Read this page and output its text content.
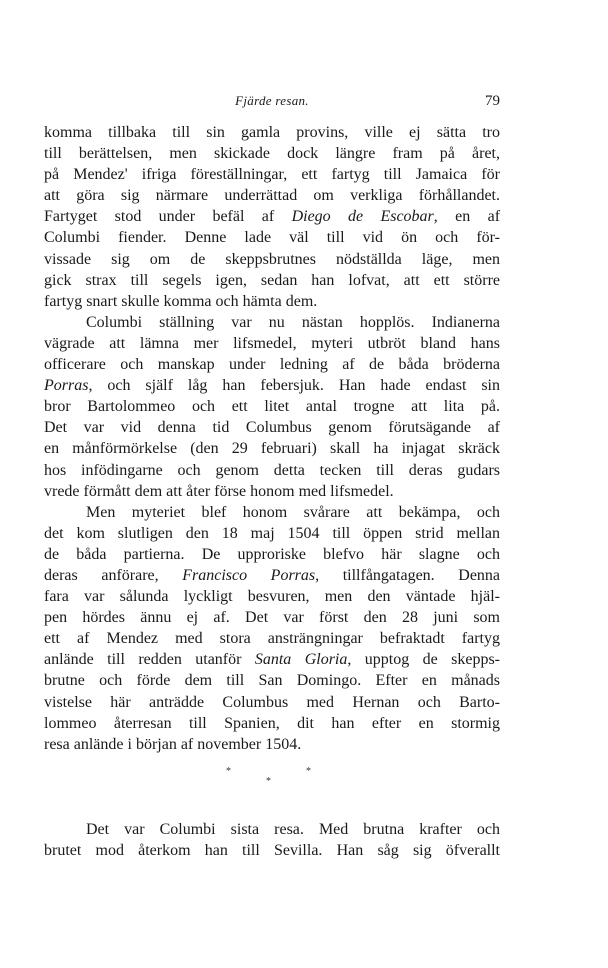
Fjärde resan.	79
komma tillbaka till sin gamla provins, ville ej sätta tro
till berättelsen, men skickade dock längre fram på året,
på Mendez' ifriga föreställningar, ett fartyg till Jamaica för
att göra sig närmare underrättad om verkliga förhållandet.
Fartyget stod under befäl af Diego de Escobar, en af
Columbi fiender. Denne lade väl till vid ön och för-
vissade sig om de skeppsbrutnes nödställda läge, men
gick strax till segels igen, sedan han lofvat, att ett större
fartyg snart skulle komma och hämta dem.
Columbi ställning var nu nästan hopplös. Indianerna
vägrade att lämna mer lifsmedel, myteri utbröt bland hans
officerare och manskap under ledning af de båda bröderna
Porras, och själf låg han febersjuk. Han hade endast sin
bror Bartolommeo och ett litet antal trogne att lita på.
Det var vid denna tid Columbus genom förutsägande af
en månförmörkelse (den 29 februari) skall ha injagat skräck
hos infödingarne och genom detta tecken till deras gudars
vrede förmått dem att åter förse honom med lifsmedel.
Men myteriet blef honom svårare att bekämpa, och
det kom slutligen den 18 maj 1504 till öppen strid mellan
de båda partierna. De upproriske blefvo här slagne och
deras anförare, Francisco Porras, tillfångatagen. Denna
fara var sålunda lyckligt besvuren, men den väntade hjäl-
pen hördes ännu ej af. Det var först den 28 juni som
ett af Mendez med stora ansträngningar befraktadt fartyg
anlände till redden utanför Santa Gloria, upptog de skepps-
brutne och förde dem till San Domingo. Efter en månads
vistelse här anträdde Columbus med Hernan och Barto-
lommeo återresan till Spanien, dit han efter en stormig
resa anlände i början af november 1504.
*	*
*
Det var Columbi sista resa. Med brutna krafter och
brutet mod återkom han till Sevilla. Han såg sig öfverallt
